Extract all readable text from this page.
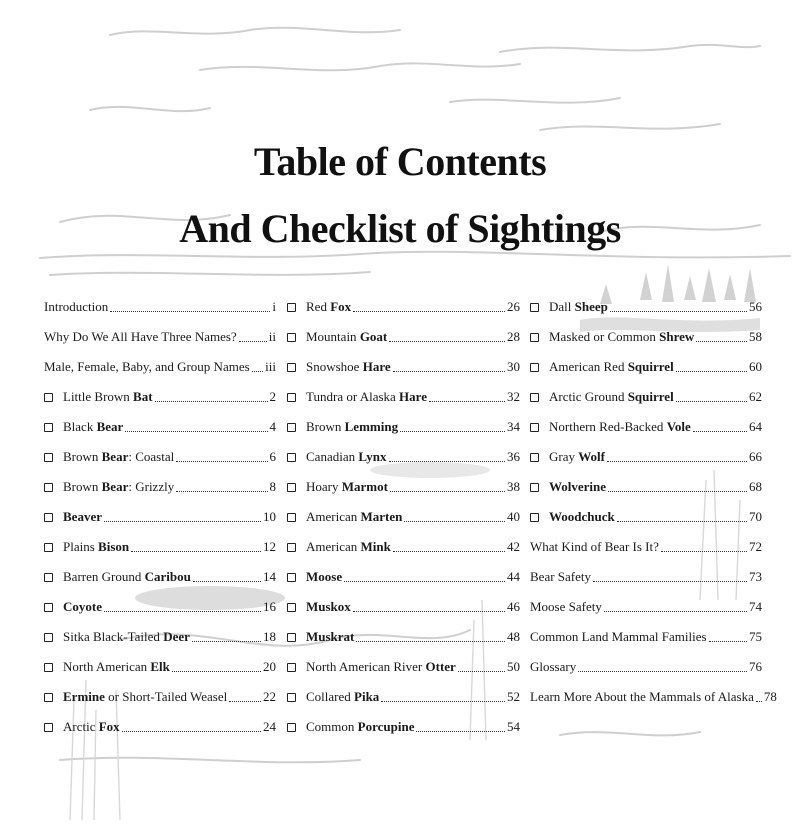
Table of Contents
And Checklist of Sightings
Introduction	i
Why Do We All Have Three Names? ii
Male, Female, Baby, and Group Names iii
Little Brown Bat	2
Black Bear	4
Brown Bear: Coastal	6
Brown Bear: Grizzly	8
Beaver	10
Plains Bison	12
Barren Ground Caribou	14
Coyote	16
Sitka Black-Tailed Deer	18
North American Elk	20
Ermine or Short-Tailed Weasel	22
Arctic Fox	24
Red Fox	26
Mountain Goat	28
Snowshoe Hare	30
Tundra or Alaska Hare	32
Brown Lemming	34
Canadian Lynx	36
Hoary Marmot	38
American Marten	40
American Mink	42
Moose	44
Muskox	46
Muskrat	48
North American River Otter	50
Collared Pika	52
Common Porcupine	54
Dall Sheep	56
Masked or Common Shrew	58
American Red Squirrel	60
Arctic Ground Squirrel	62
Northern Red-Backed Vole	64
Gray Wolf	66
Wolverine	68
Woodchuck	70
What Kind of Bear Is It?	72
Bear Safety	73
Moose Safety	74
Common Land Mammal Families	75
Glossary	76
Learn More About the Mammals of Alaska 78
